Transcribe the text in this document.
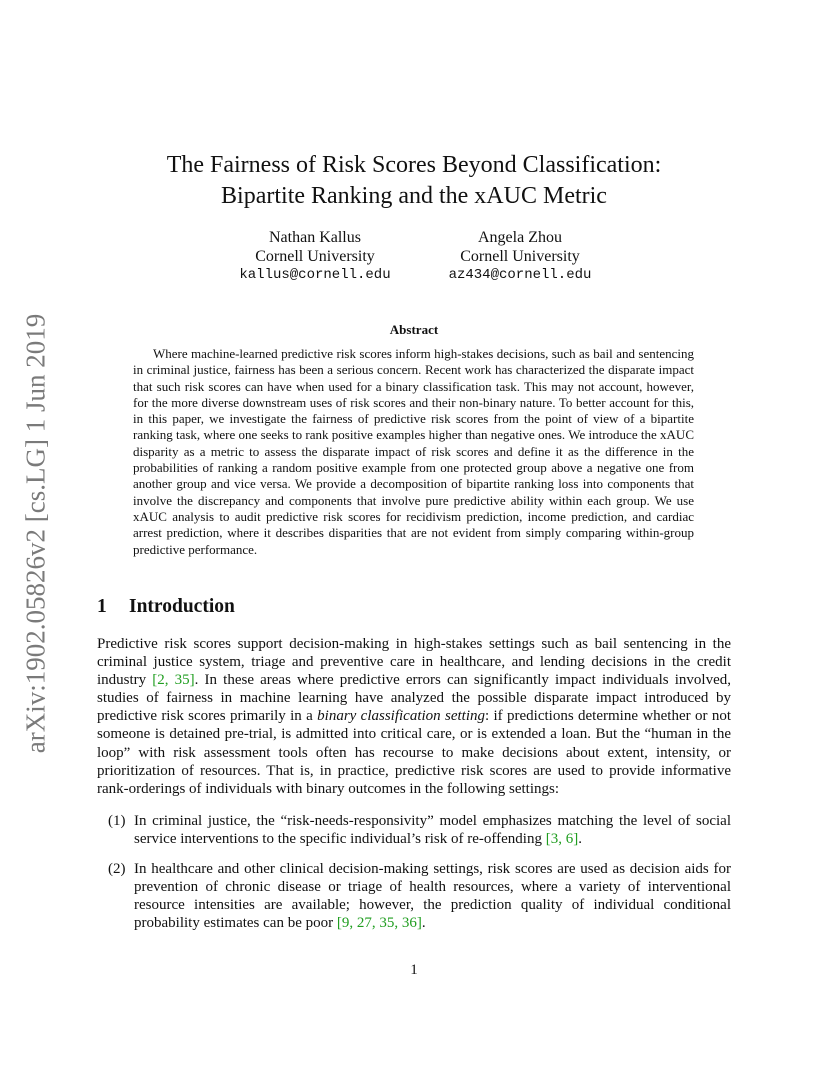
arXiv:1902.05826v2 [cs.LG] 1 Jun 2019
The Fairness of Risk Scores Beyond Classification:
Bipartite Ranking and the xAUC Metric
Nathan Kallus
Cornell University
kallus@cornell.edu
Angela Zhou
Cornell University
az434@cornell.edu
Abstract
Where machine-learned predictive risk scores inform high-stakes decisions, such as bail and sentencing in criminal justice, fairness has been a serious concern. Recent work has characterized the disparate impact that such risk scores can have when used for a binary classification task. This may not account, however, for the more diverse downstream uses of risk scores and their non-binary nature. To better account for this, in this paper, we investigate the fairness of predictive risk scores from the point of view of a bipartite ranking task, where one seeks to rank positive examples higher than negative ones. We introduce the xAUC disparity as a metric to assess the disparate impact of risk scores and define it as the difference in the probabilities of ranking a random positive example from one protected group above a negative one from another group and vice versa. We provide a decomposition of bipartite ranking loss into components that involve the discrepancy and components that involve pure predictive ability within each group. We use xAUC analysis to audit predictive risk scores for recidivism prediction, income prediction, and cardiac arrest prediction, where it describes disparities that are not evident from simply comparing within-group predictive performance.
1 Introduction

Predictive risk scores support decision-making in high-stakes settings such as bail sentencing in the criminal justice system, triage and preventive care in healthcare, and lending decisions in the credit industry [2, 35]. In these areas where predictive errors can significantly impact individuals involved, studies of fairness in machine learning have analyzed the possible disparate impact introduced by predictive risk scores primarily in a binary classification setting: if predictions determine whether or not someone is detained pre-trial, is admitted into critical care, or is extended a loan. But the “human in the loop” with risk assessment tools often has recourse to make decisions about extent, intensity, or prioritization of resources. That is, in practice, predictive risk scores are used to provide informative rank-orderings of individuals with binary outcomes in the following settings:

(1) In criminal justice, the “risk-needs-responsivity” model emphasizes matching the level of social service interventions to the specific individual’s risk of re-offending [3, 6].
(2) In healthcare and other clinical decision-making settings, risk scores are used as decision aids for prevention of chronic disease or triage of health resources, where a variety of interventional resource intensities are available; however, the prediction quality of individual conditional probability estimates can be poor [9, 27, 35, 36].
1
